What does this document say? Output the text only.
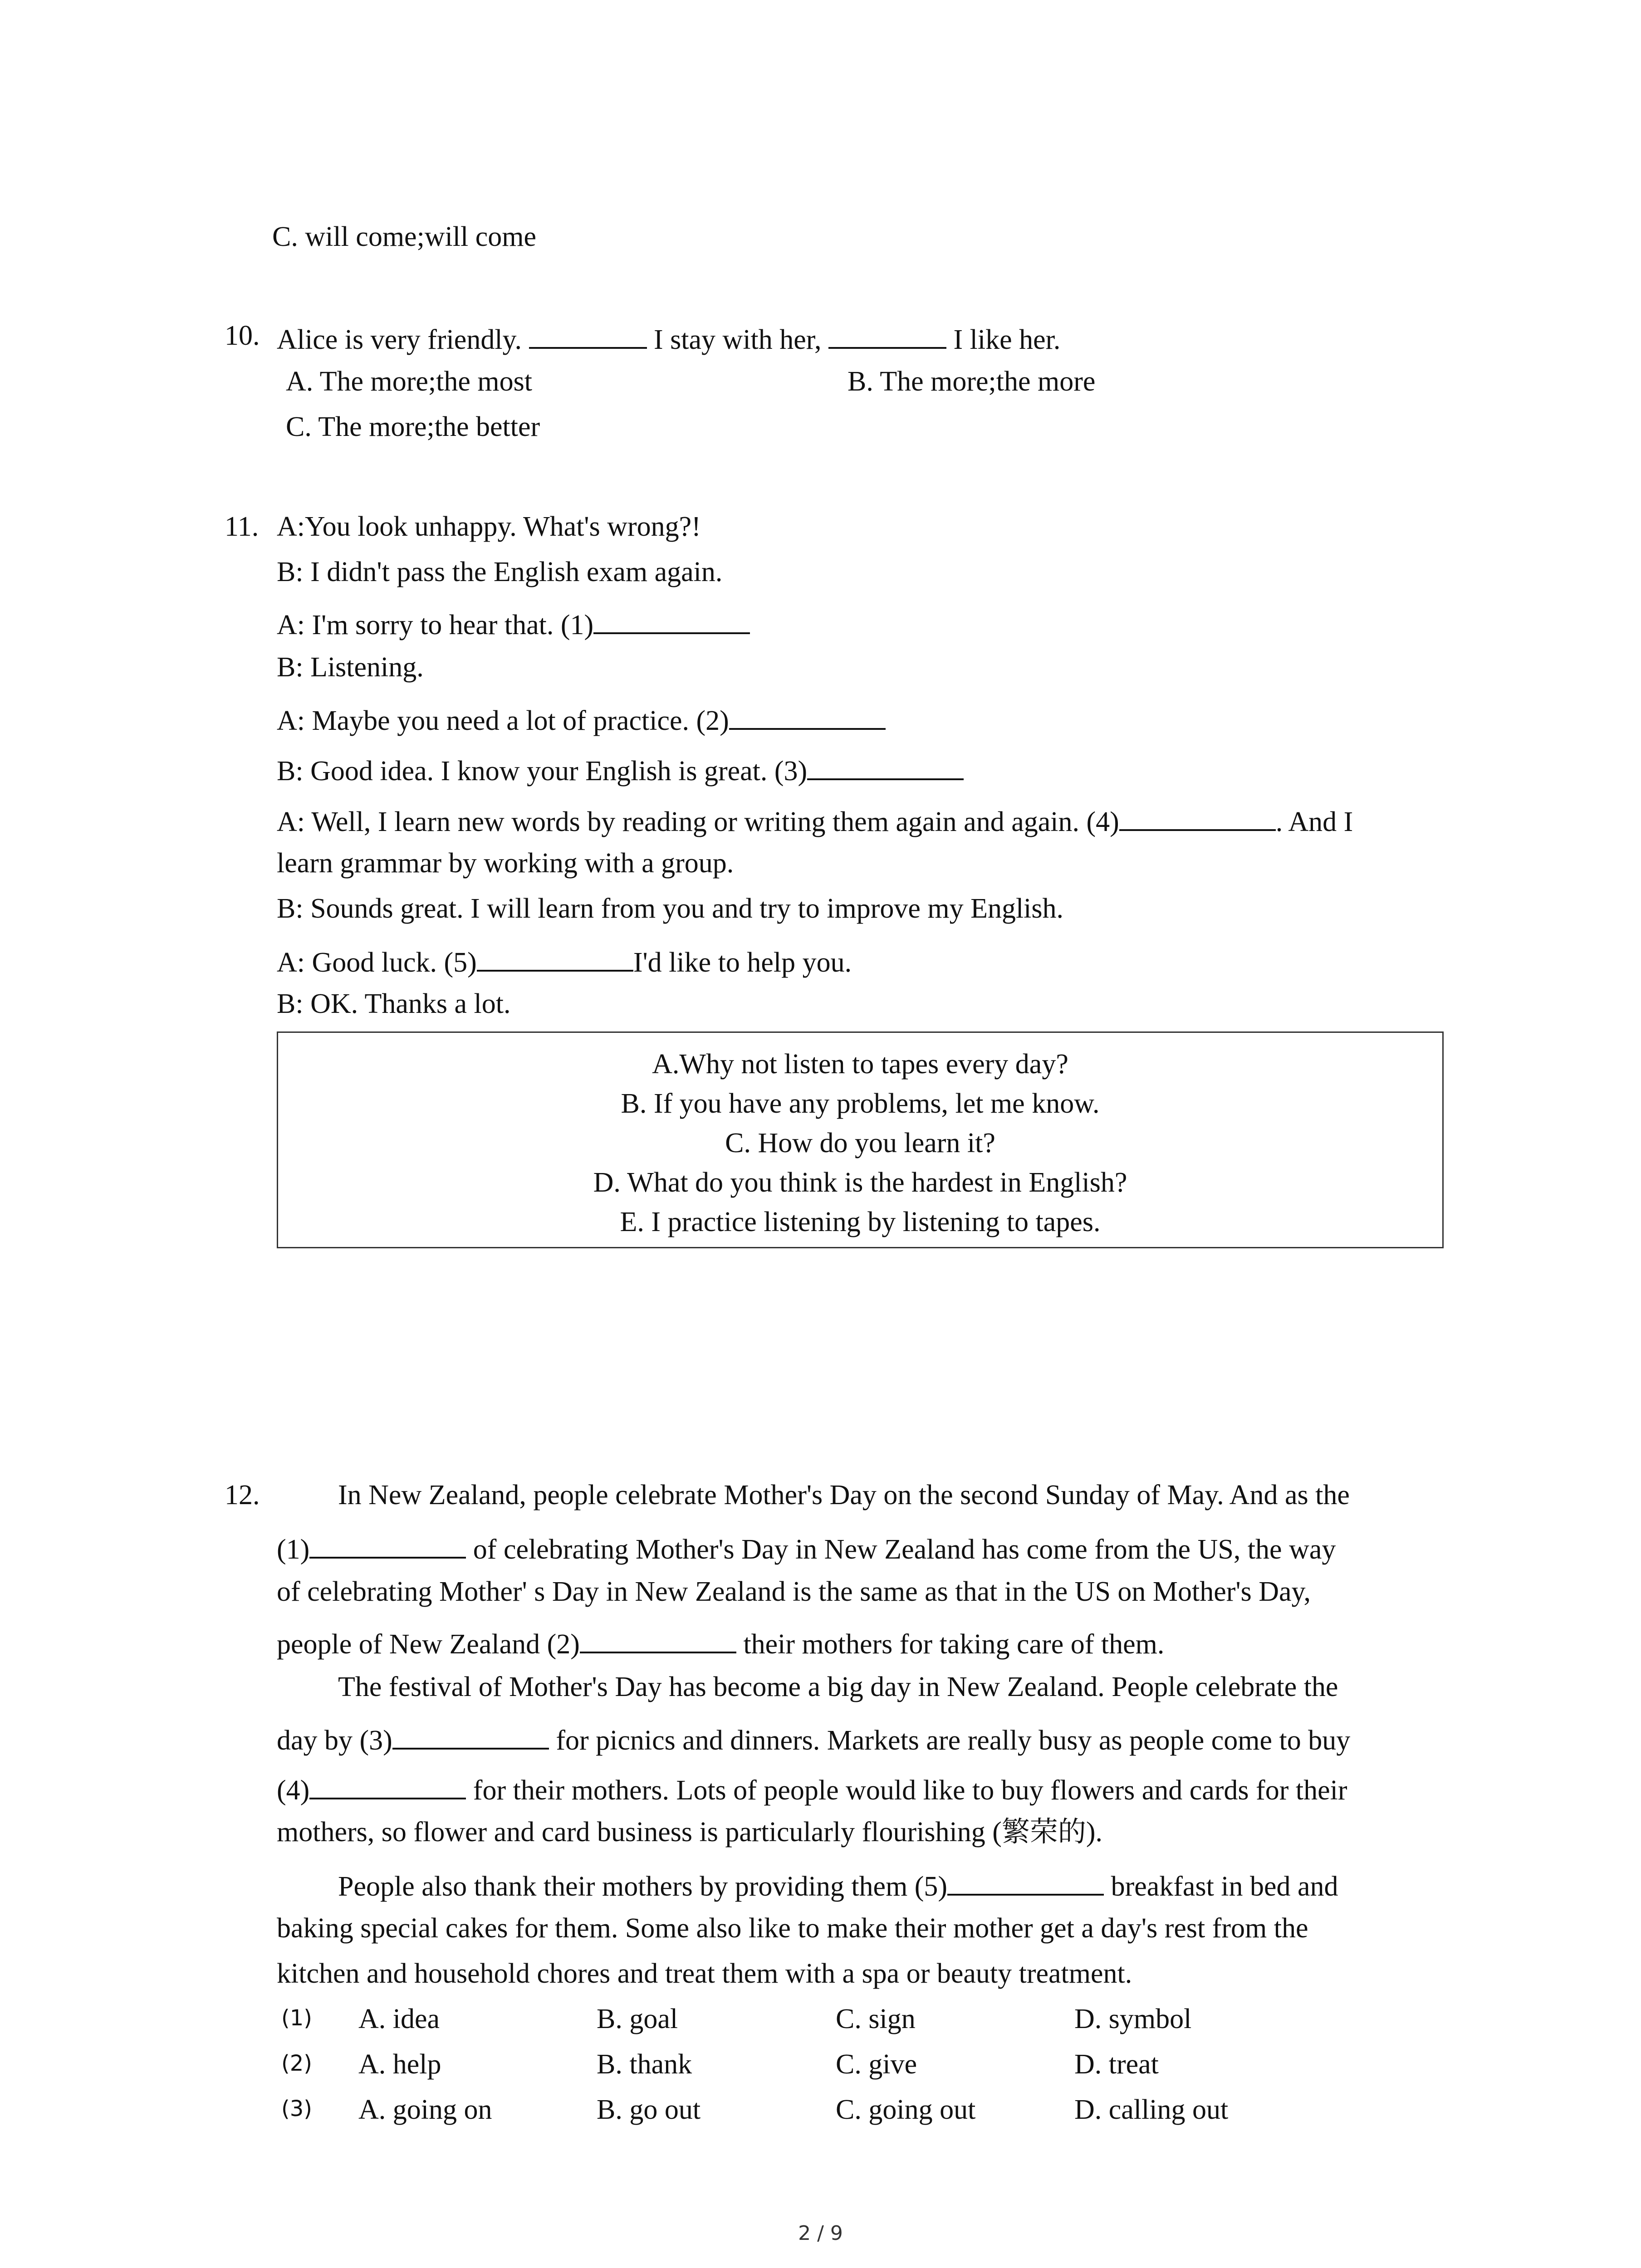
C. will come;will come
10. Alice is very friendly.	I stay with her,	I like her.
A. The more;the most	B. The more;the more
C. The more;the better
11. A:You look unhappy. What's wrong?!
B: I didn't pass the English exam again.
A: I'm sorry to hear that. (1)
B: Listening.
A: Maybe you need a lot of practice. (2)
B: Good idea. I know your English is great. (3)
A: Well, I learn new words by reading or writing them again and again. (4)	. And I
learn grammar by working with a group.
B: Sounds great. I will learn from you and try to improve my English.
A: Good luck. (5)	I'd like to help you.
B: OK. Thanks a lot.
A.Why not listen to tapes every day?
B. If you have any problems, let me know.
C. How do you learn it?
D. What do you think is the hardest in English?
E. I practice listening by listening to tapes.
12.	In New Zealand, people celebrate Mother's Day on the second Sunday of May. And as the
(1)	of celebrating Mother's Day in New Zealand has come from the US, the way
of celebrating Mother' s Day in New Zealand is the same as that in the US on Mother's Day,
people of New Zealand (2)	their mothers for taking care of them.
The festival of Mother's Day has become a big day in New Zealand. People celebrate the
day by (3)	for picnics and dinners. Markets are really busy as people come to buy
(4)	for their mothers. Lots of people would like to buy flowers and cards for their
mothers, so flower and card business is particularly flourishing (繁荣的).
People also thank their mothers by providing them (5)	breakfast in bed and
baking special cakes for them. Some also like to make their mother get a day's rest from the
kitchen and household chores and treat them with a spa or beauty treatment.
(1) A. idea	B. goal	C. sign	D. symbol
(2) A. help	B. thank	C. give	D. treat
(3) A. going on	B. go out	C. going out	D. calling out
2 / 9
